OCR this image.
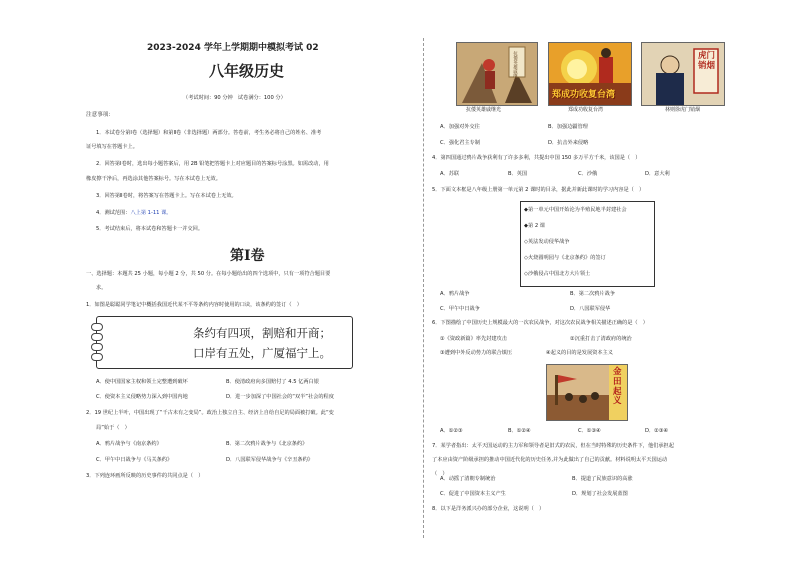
2023-2024 学年上学期期中模拟考试 02
八年级历史
（考试时间：90 分钟　试卷满分：100 分）
注意事项：
1．本试卷分第Ⅰ卷（选择题）和第Ⅱ卷（非选择题）两部分。答卷前，考生务必将自己的姓名、准考
证号填写在答题卡上。
2．回答第Ⅰ卷时，选出每小题答案后，用 2B 铅笔把答题卡上对应题目的答案标号涂黑。如需改动，用
橡皮擦干净后，再选涂其他答案标号。写在本试卷上无效。
3．回答第Ⅱ卷时，将答案写在答题卡上。写在本试卷上无效。
4．测试范围：八上第 1-11 课。
5．考试结束后，将本试卷和答题卡一并交回。
第Ⅰ卷
一、选择题：本题共 25 小题，每小题 2 分，共 50 分。在每小题给出的四个选项中，只有一项符合题目要
求。
1．如图是聪聪同学笔记中概括我国近代某不平等条约内容时使用的口诀，该条约的签订（　）
条约有四项，割赔和开商；
口岸有五处，广厦福宁上。
A．使中国国家主权和领土完整遭到破坏	B．使清政府向多国赔付了 4.5 亿两白银
C．使资本主义侵略势力深入到中国内地	D．进一步加深了中国社会的“双半”社会的程度
2．19 世纪上半叶，中国出现了“千古未有之变局”。政治上独立自主、经济上自给自足的局面被打破。此“变
局”始于（　）
A．鸦片战争与《南京条约》	B．第二次鸦片战争与《北京条约》
C．甲午中日战争与《马关条约》	D．八国联军侵华战争与《辛丑条约》
3．下列连环画所反映的历史事件的共同点是（　）
抗倭英雄戚继光
抗倭英雄戚继光
郑成功收复台湾
郑成功收复台湾
虎门销烟
林则徐虎门销烟
A．加强对外交往	B．加强边疆管理
C．强化君主专制	D．抗击外来侵略
4．第四国通过鸦片战争获利有了许多多利，共提出中国 150 多万平方千米，该国是（　）
A．苏联	B．英国	C．沙俄	D．意大利
5．下面文本框是八年级上册第一单元第 2 课时的目录，据此并新此课时的学习内容是（　）
◆第一单元中国开始沦为半殖民地半封建社会
◆第 2 课
◇英法发动侵华战争
◇火烧圆明园与《北京条约》的签订
◇沙俄侵占中国北方大片领土
A．鸦片战争	B．第二次鸦片战争
C．甲午中日战争	D．八国联军侵华
6．下图描绘了中国历史上规模最大的一次农民战争，对这次农民战争相关描述正确的是（　）
①《资政新篇》率先封建攻击	②沉重打击了清政府的统治
③遭到中外反动势力的联合镇压	④起义的目的是发展资本主义
金田起义
A．①②③	B．①②④	C．①③④	D．②③④
7．某学者指出：太平天国运动的主力军和领导者是旧式的农民，但在当时特殊的历史条件下，他们承担起
了本应由资产阶级承担的推动中国近代化的历史任务,并为此做出了自己的贡献。材料说明太平天国运动
（　）
A．动摇了清朝专制统治	B．提道了民族意识的高涨
C．促进了中国资本主义产生	D．规划了社会发展蓝图
8．以下是洋务派兴办的部分企业，这说明（　）
